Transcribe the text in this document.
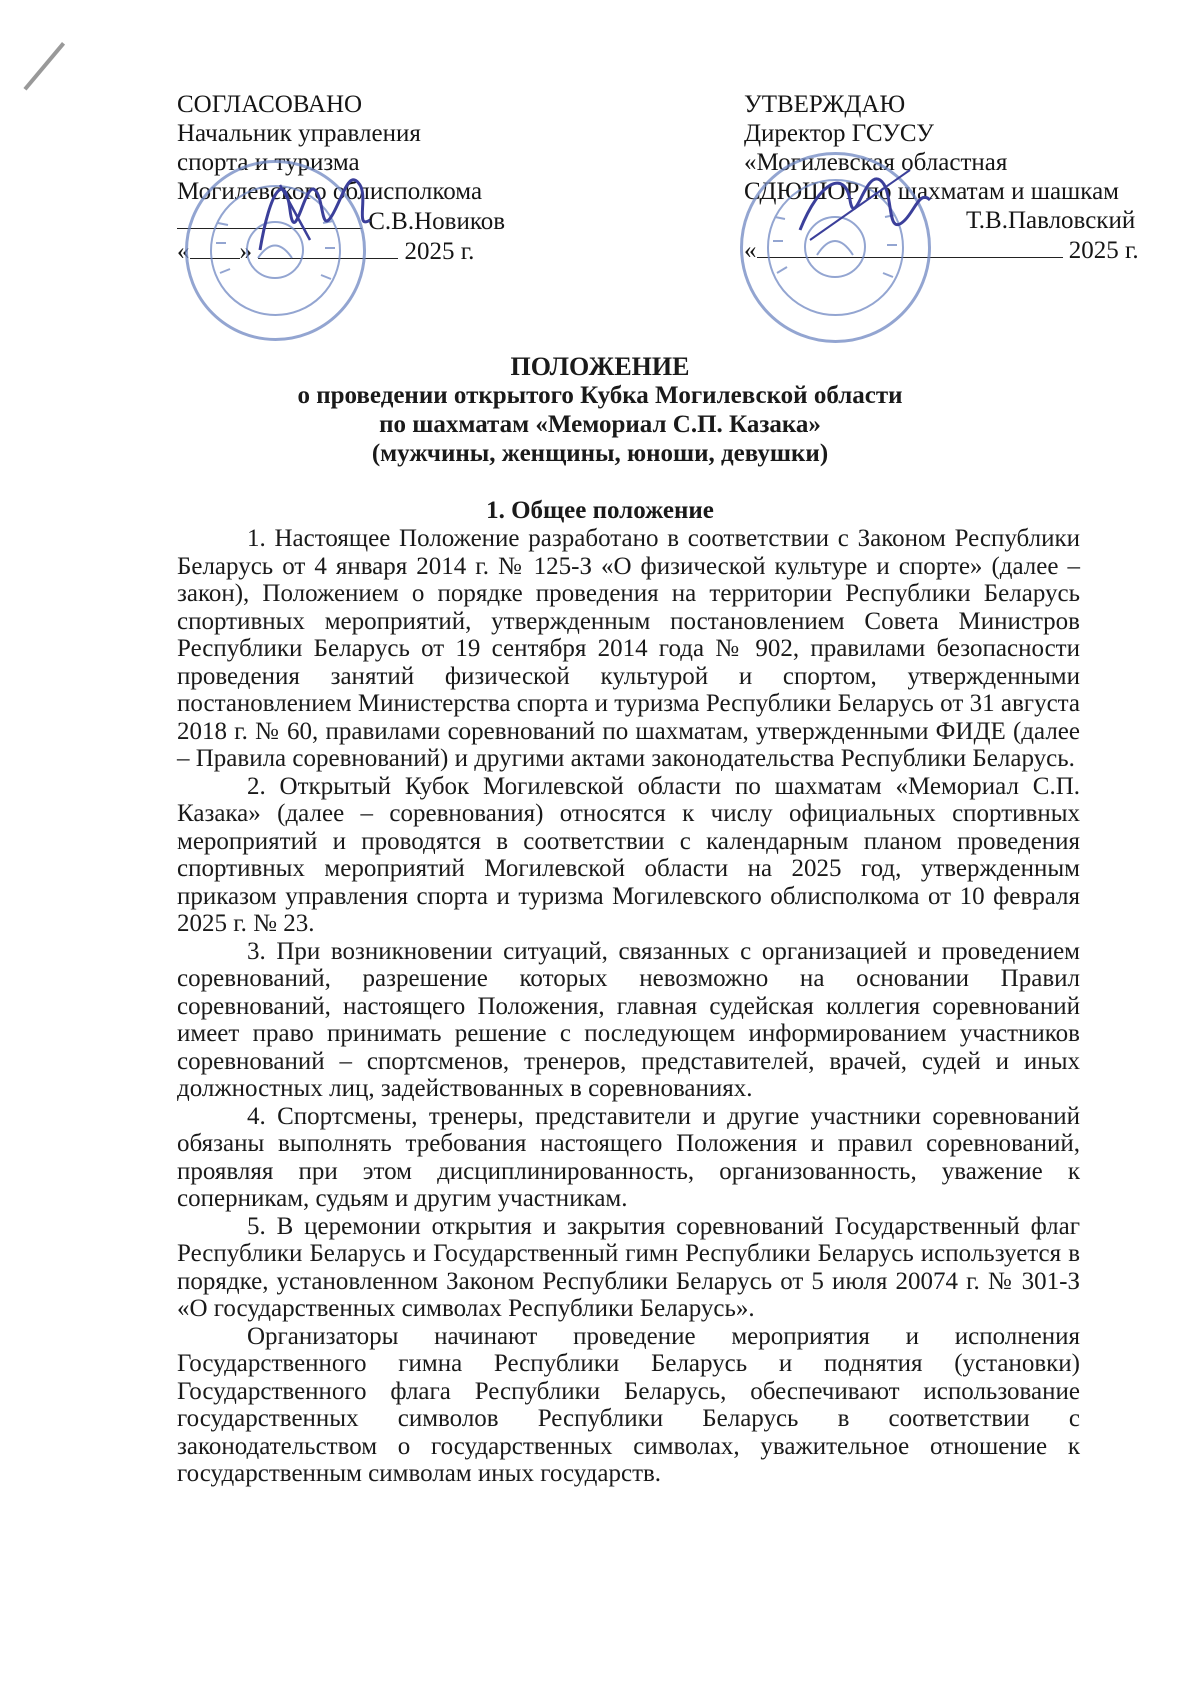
СОГЛАСОВАНО
Начальник управления
спорта и туризма
Могилевского облисполкома
С.В.Новиков
« »	2025 г.
УТВЕРЖДАЮ
Директор ГСУСУ
«Могилевская областная
СДЮШОР по шахматам и шашкам
Т.В.Павловский
«	2025 г.
ПОЛОЖЕНИЕ
о проведении открытого Кубка Могилевской области
по шахматам «Мемориал С.П. Казака»
(мужчины, женщины, юноши, девушки)
1. Общее положение

1. Настоящее Положение разработано в соответствии с Законом Республики Беларусь от 4 января 2014 г. № 125-З «О физической культуре и спорте» (далее – закон), Положением о порядке проведения на территории Республики Беларусь спортивных мероприятий, утвержденным постановлением Совета Министров Республики Беларусь от 19 сентября 2014 года № 902, правилами безопасности проведения занятий физической культурой и спортом, утвержденными постановлением Министерства спорта и туризма Республики Беларусь от 31 августа 2018 г. № 60, правилами соревнований по шахматам, утвержденными ФИДЕ (далее – Правила соревнований) и другими актами законодательства Республики Беларусь.

2. Открытый Кубок Могилевской области по шахматам «Мемориал С.П. Казака» (далее – соревнования) относятся к числу официальных спортивных мероприятий и проводятся в соответствии с календарным планом проведения спортивных мероприятий Могилевской области на 2025 год, утвержденным приказом управления спорта и туризма Могилевского облисполкома от 10 февраля 2025 г. № 23.

3. При возникновении ситуаций, связанных с организацией и проведением соревнований, разрешение которых невозможно на основании Правил соревнований, настоящего Положения, главная судейская коллегия соревнований имеет право принимать решение с последующем информированием участников соревнований – спортсменов, тренеров, представителей, врачей, судей и иных должностных лиц, задействованных в соревнованиях.

4. Спортсмены, тренеры, представители и другие участники соревнований обязаны выполнять требования настоящего Положения и правил соревнований, проявляя при этом дисциплинированность, организованность, уважение к соперникам, судьям и другим участникам.

5. В церемонии открытия и закрытия соревнований Государственный флаг Республики Беларусь и Государственный гимн Республики Беларусь используется в порядке, установленном Законом Республики Беларусь от 5 июля 20074 г. № 301-З «О государственных символах Республики Беларусь».

Организаторы начинают проведение мероприятия и исполнения Государственного гимна Республики Беларусь и поднятия (установки) Государственного флага Республики Беларусь, обеспечивают использование государственных символов Республики Беларусь в соответствии с законодательством о государственных символах, уважительное отношение к государственным символам иных государств.
